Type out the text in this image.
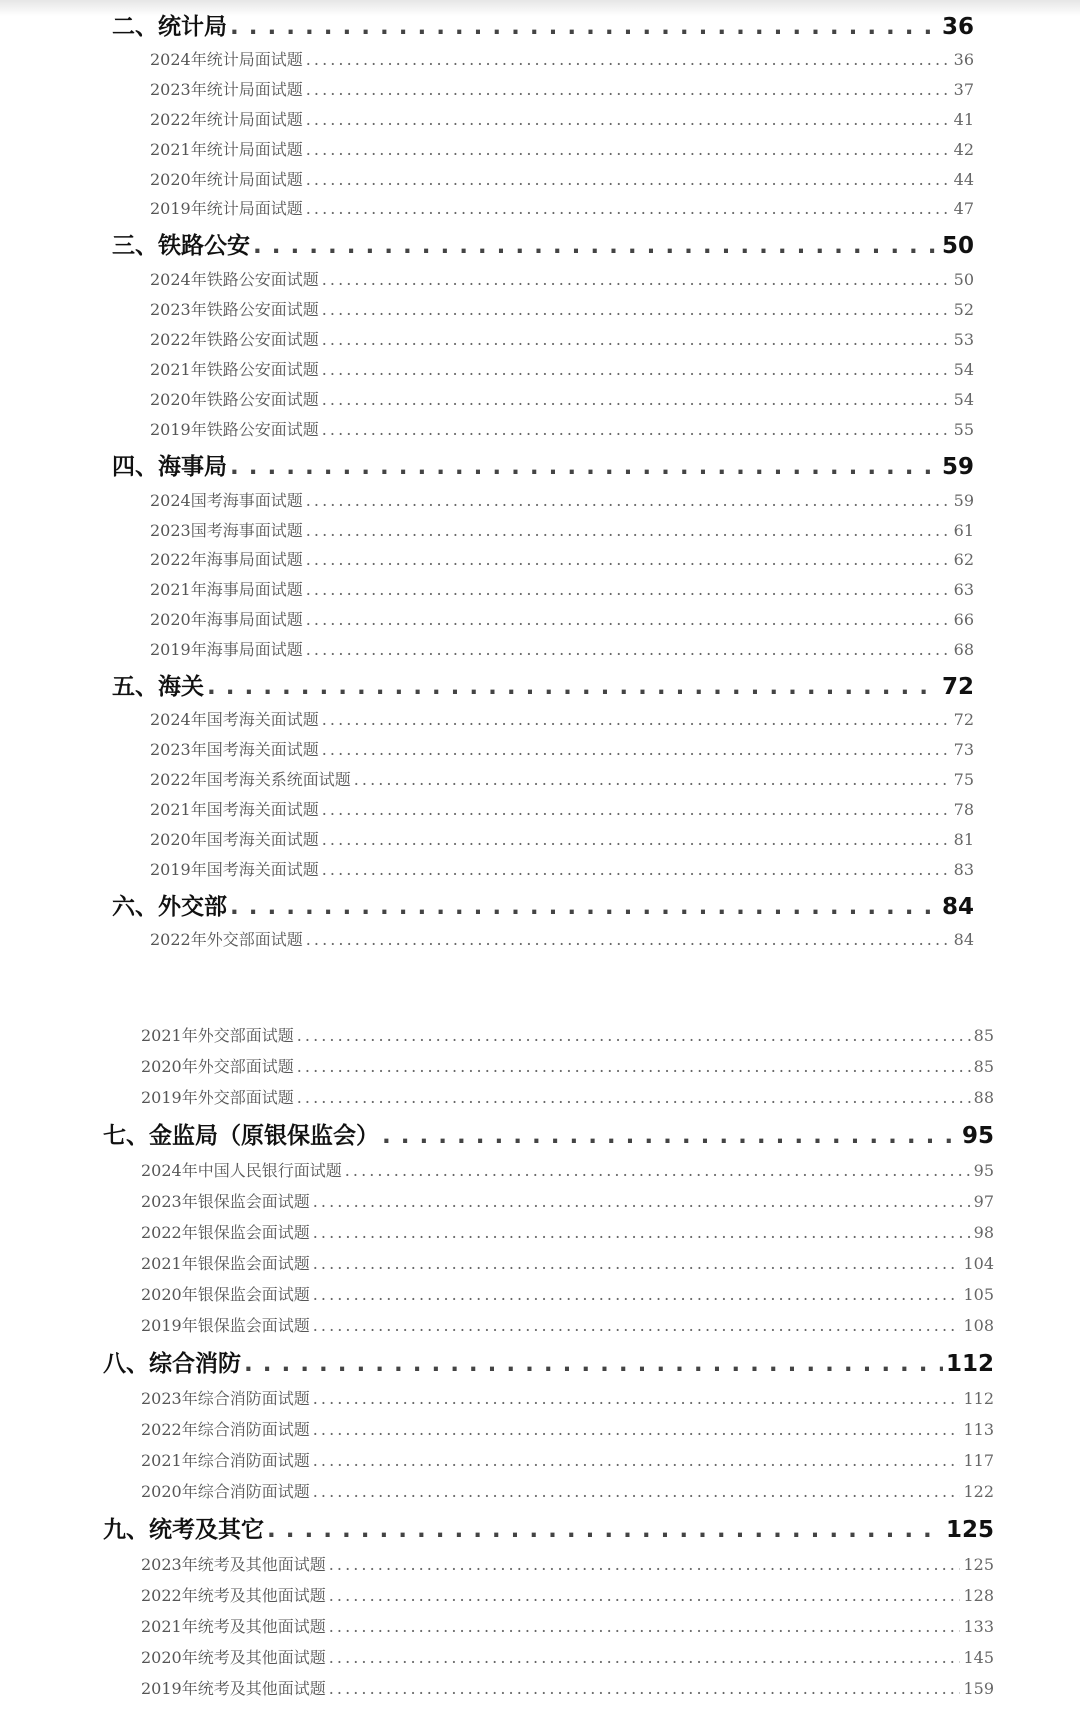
二、统计局 . . .	36
2024年统计局面试题 . . .	36
2023年统计局面试题 . . .	37
2022年统计局面试题 . . .	41
2021年统计局面试题 . . .	42
2020年统计局面试题 . . .	44
2019年统计局面试题 . . .	47
三、铁路公安 . . .	50
2024年铁路公安面试题 . . .	50
2023年铁路公安面试题 . . .	52
2022年铁路公安面试题 . . .	53
2021年铁路公安面试题 . . .	54
2020年铁路公安面试题 . . .	54
2019年铁路公安面试题 . . .	55
四、海事局 . . .	59
2024国考海事面试题 . . .	59
2023国考海事面试题 . . .	61
2022年海事局面试题 . . .	62
2021年海事局面试题 . . .	63
2020年海事局面试题 . . .	66
2019年海事局面试题 . . .	68
五、海关 . . .	72
2024年国考海关面试题 . . .	72
2023年国考海关面试题 . . .	73
2022年国考海关系统面试题 . . .	75
2021年国考海关面试题 . . .	78
2020年国考海关面试题 . . .	81
2019年国考海关面试题 . . .	83
六、外交部 . . .	84
2022年外交部面试题 . . .	84
2021年外交部面试题 . . .	85
2020年外交部面试题 . . .	85
2019年外交部面试题 . . .	88
七、金监局（原银保监会） . . .	95
2024年中国人民银行面试题 . . .	95
2023年银保监会面试题 . . .	97
2022年银保监会面试题 . . .	98
2021年银保监会面试题 . . .	104
2020年银保监会面试题 . . .	105
2019年银保监会面试题 . . .	108
八、综合消防 . . .	112
2023年综合消防面试题 . . .	112
2022年综合消防面试题 . . .	113
2021年综合消防面试题 . . .	117
2020年综合消防面试题 . . .	122
九、统考及其它 . . .	125
2023年统考及其他面试题 . . .	125
2022年统考及其他面试题 . . .	128
2021年统考及其他面试题 . . .	133
2020年统考及其他面试题 . . .	145
2019年统考及其他面试题 . . .	159
